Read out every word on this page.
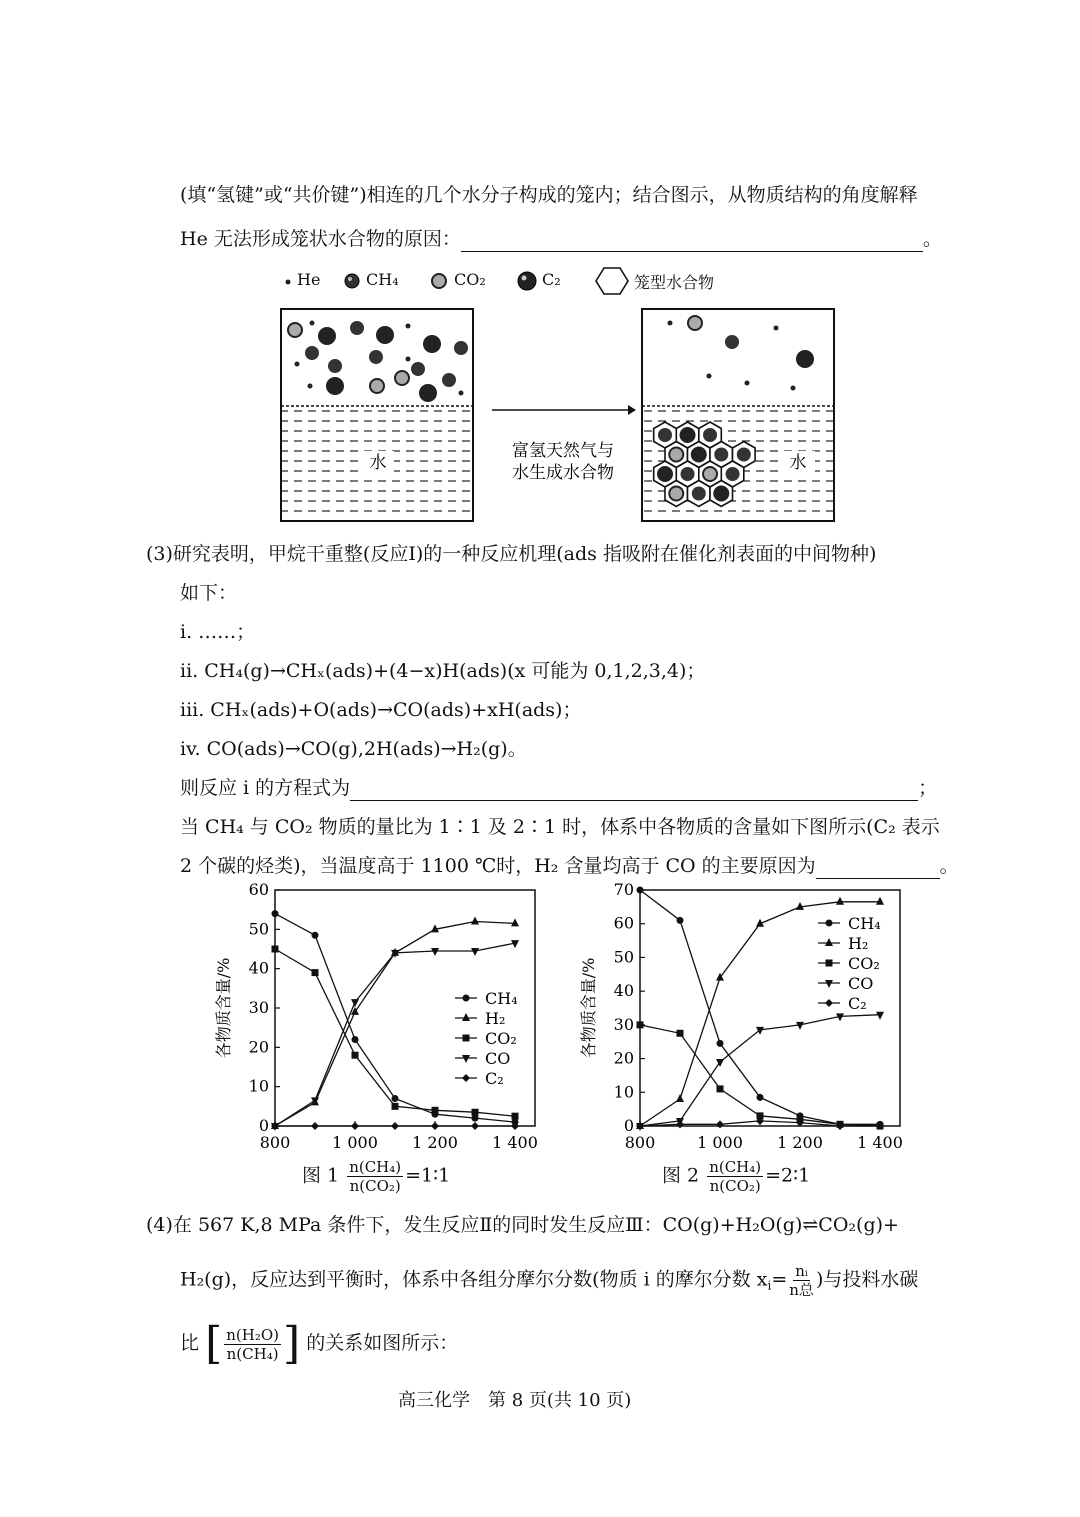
(填“氢键”或“共价键”)相连的几个水分子构成的笼内；结合图示，从物质结构的角度解释
He 无法形成笼状水合物的原因：	。
He	CH₄	CO₂	C₂	笼型水合物
水
富氢天然气与
水生成水合物	水
(3)研究表明，甲烷干重整(反应Ⅰ)的一种反应机理(ads 指吸附在催化剂表面的中间物种)
如下：
i. ……；
ii. CH₄(g)→CHₓ(ads)+(4−x)H(ads)(x 可能为 0,1,2,3,4)；
iii. CHₓ(ads)+O(ads)→CO(ads)+xH(ads)；
iv. CO(ads)→CO(g),2H(ads)→H₂(g)。
则反应 i 的方程式为	；
当 CH₄ 与 CO₂ 物质的量比为 1∶1 及 2∶1 时，体系中各物质的含量如下图所示(C₂ 表示
2 个碳的烃类)，当温度高于 1100 ℃时，H₂ 含量均高于 CO 的主要原因为	。
0
10
20
30
40
50
60
800	1 000 1 200 1 400
各物质含量/%	CH₄
H₂
CO₂
CO
C₂
0
10
20
30
40
50
60
70
800	1 000 1 200 1 400
各物质含量/%
CH₄
H₂
CO₂
CO
C₂
图 $1 \frac{\text{n(CH₄)}}{\text{n(CO₂)}}$ =1∶1	图 $2 \frac{\text{n(CH₄)}}{\text{n(CO₂)}}$ =2∶1
(4)在 567 K,8 MPa 条件下，发生反应Ⅱ的同时发生反应Ⅲ：CO(g)+H₂O(g)⇌CO₂(g)+
H₂(g)，反应达到平衡时，体系中各组分摩尔分数(物质 i 的摩尔分数 $x_i= \frac{\text{nᵢ}}{\text{n总}}$ )与投料水碳
比 [ $\frac{\text{n(H₂O)}}{\text{n(CH₄)}}$ ] 的关系如图所示：
高三化学　第 8 页(共 10 页)
